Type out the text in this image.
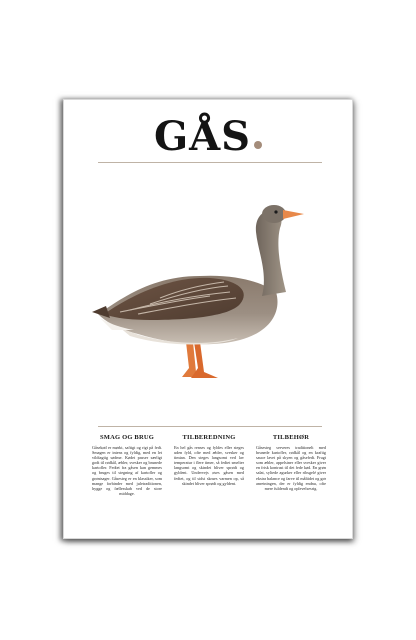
GÅS
SMAG OG BRUG

Gåsekød er mørkt, saftigt og rigt på fedt. Smagen er intens og fyldig, med en let vildtagtig sødme. Kødet passer særligt godt til rødkål, æbler, svesker og brunede kartofler. Fedtet fra gåsen kan gemmes og bruges til stegning af kartofler og grøntsager. Gåsesteg er en klassiker, som mange forbinder med juletraditionen, hygge og fællesskab ved de store middage.

TILBEREDNING

En hel gås renses og fyldes eller steges uden fyld, ofte med æbler, svesker og timian. Den steges langsomt ved lav temperatur i flere timer, så fedtet smelter langsomt og skindet bliver sprødt og gyldent. Undervejs øses gåsen med fedtet, og til sidst skrues varmen op, så skindet bliver sprødt og gyldent.

TILBEHØR

Gåsesteg serveres traditionelt med brunede kartofler, rødkål og en kraftig sauce lavet på skyen og gåsefedt. Frugt som æbler, appelsiner eller svesker giver en frisk kontrast til det fede kød. En grøn salat, syltede agurker eller ribsgelé giver ekstra balance og farve til måltidet og gør anretningen, der er fyldig endnu, ofte mere fuldendt og oplevelsesrig.
